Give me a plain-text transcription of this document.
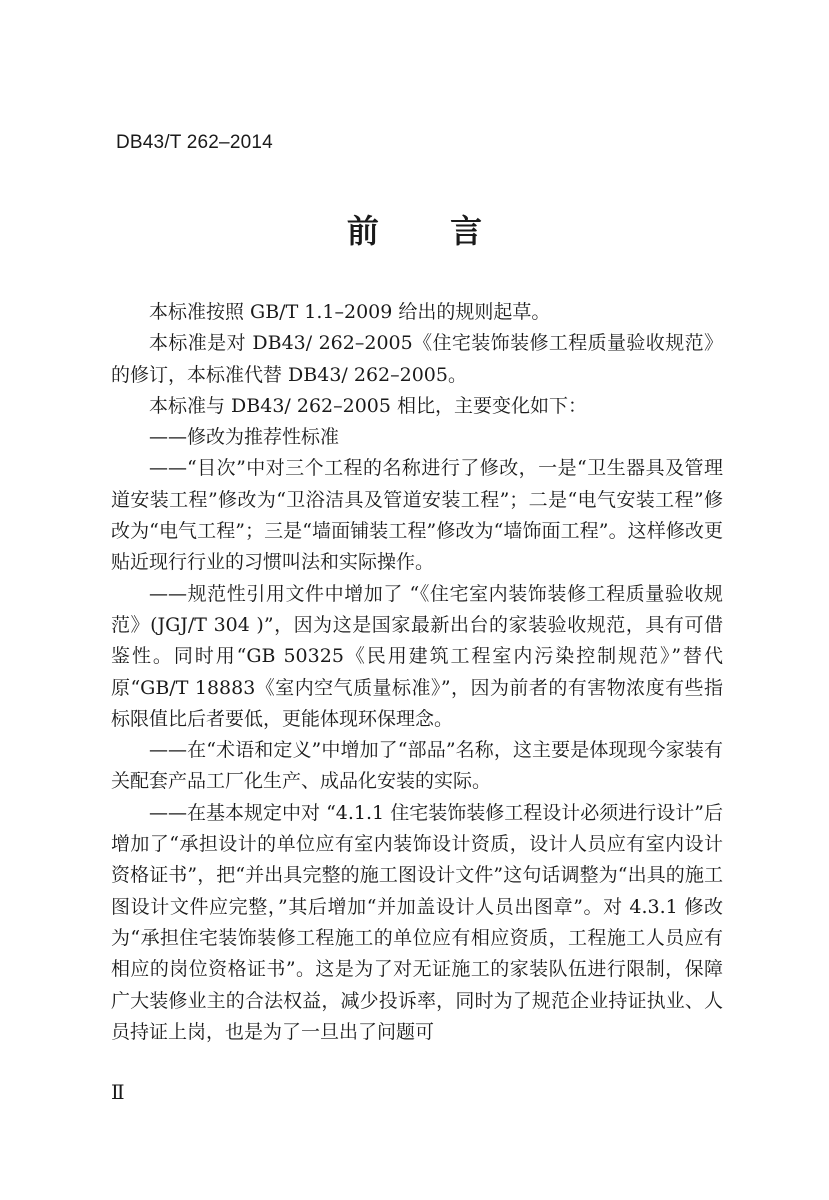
DB43/T 262–2014
前 言

本标准按照 GB/T 1.1–2009 给出的规则起草。

本标准是对 DB43/ 262–2005《住宅装饰装修工程质量验收规范》的修订，本标准代替 DB43/ 262–2005。

本标准与 DB43/ 262–2005 相比，主要变化如下：

——修改为推荐性标准

——“目次”中对三个工程的名称进行了修改，一是“卫生器具及管理道安装工程”修改为“卫浴洁具及管道安装工程”；二是“电气安装工程”修改为“电气工程”；三是“墙面铺装工程”修改为“墙饰面工程”。这样修改更贴近现行行业的习惯叫法和实际操作。

——规范性引用文件中增加了 “《住宅室内装饰装修工程质量验收规范》(JGJ/T 304 )”，因为这是国家最新出台的家装验收规范，具有可借鉴性。同时用“GB 50325《民用建筑工程室内污染控制规范》”替代原“GB/T 18883《室内空气质量标准》”，因为前者的有害物浓度有些指标限值比后者要低，更能体现环保理念。

——在“术语和定义”中增加了“部品”名称，这主要是体现现今家装有关配套产品工厂化生产、成品化安装的实际。

——在基本规定中对 “4.1.1 住宅装饰装修工程设计必须进行设计”后增加了“承担设计的单位应有室内装饰设计资质，设计人员应有室内设计资格证书”，把“并出具完整的施工图设计文件”这句话调整为“出具的施工图设计文件应完整，”其后增加“并加盖设计人员出图章”。对 4.3.1 修改为“承担住宅装饰装修工程施工的单位应有相应资质，工程施工人员应有相应的岗位资格证书”。这是为了对无证施工的家装队伍进行限制，保障广大装修业主的合法权益，减少投诉率，同时为了规范企业持证执业、人员持证上岗，也是为了一旦出了问题可

Ⅱ
